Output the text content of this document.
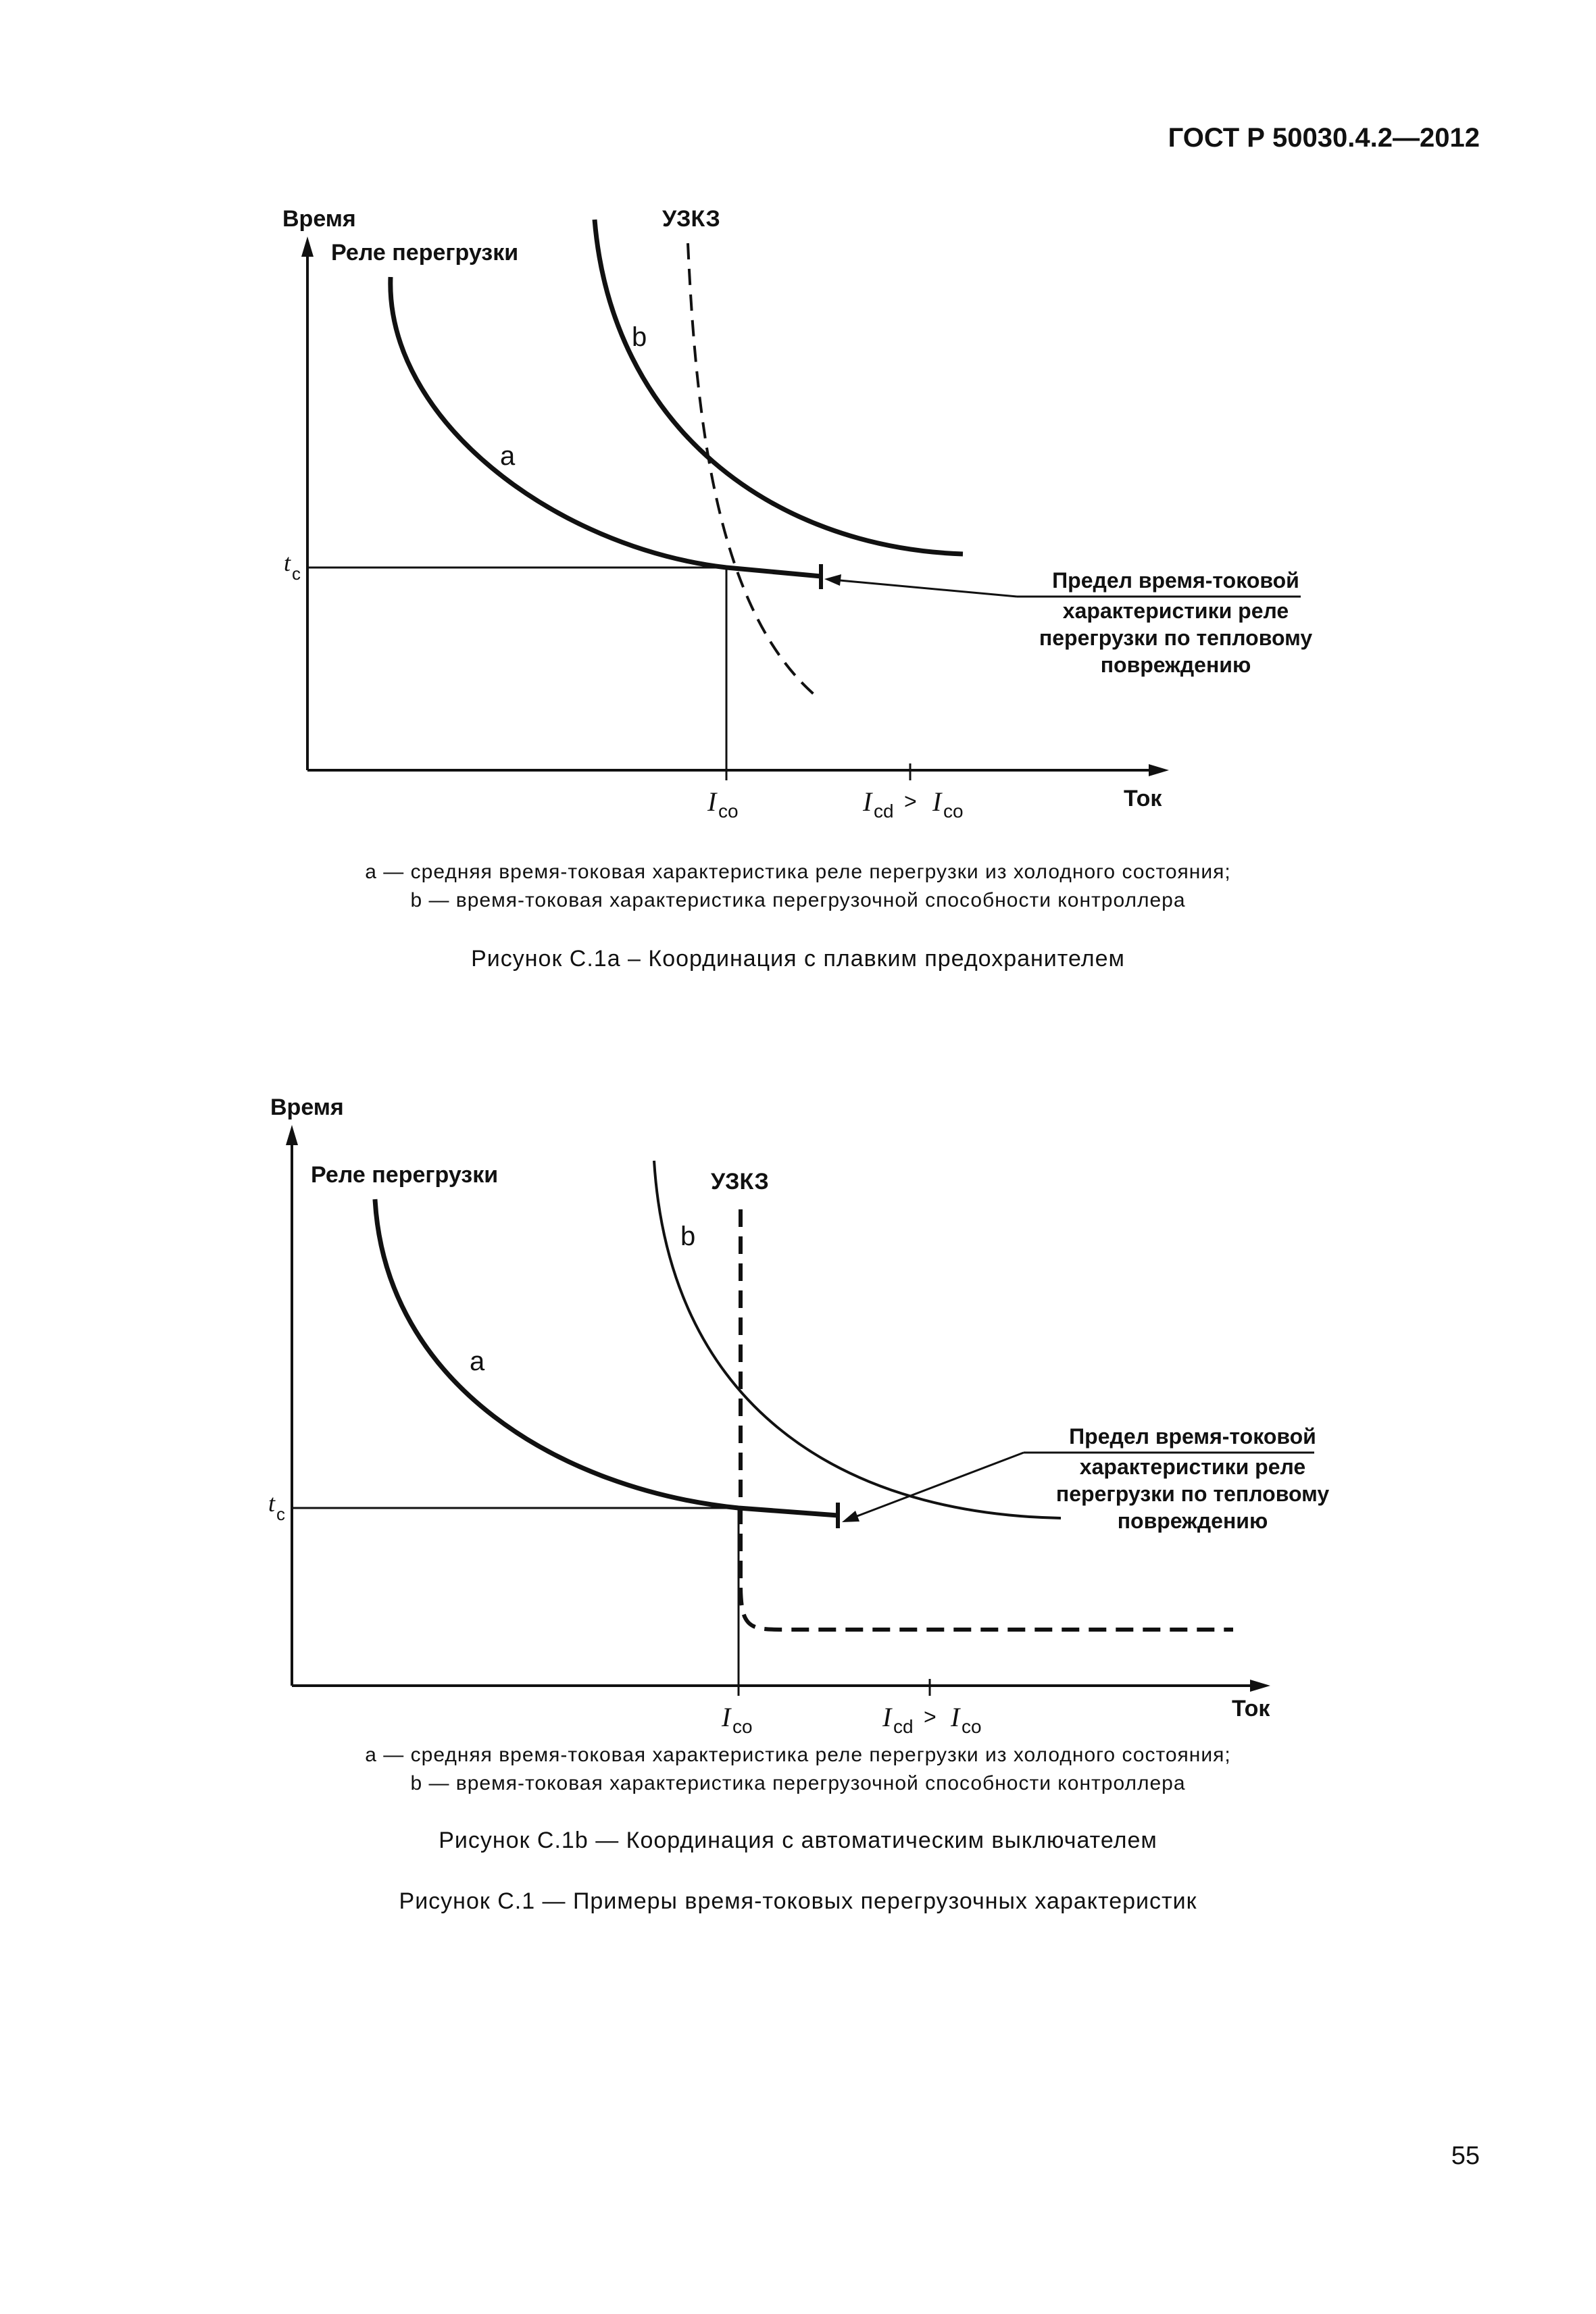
ГОСТ Р 50030.4.2—2012
Время
Реле перегрузки
УЗКЗ
b
a
t c
I co	I cd > I co	Ток
Предел время-токовой
характеристики реле
перегрузки по тепловому
повреждению
а — средняя время-токовая характеристика реле перегрузки из холодного состояния;
b — время-токовая характеристика перегрузочной способности контроллера
Рисунок С.1а – Координация с плавким предохранителем
Время
Реле перегрузки	УЗКЗ
b
a
t c
I co	I cd > I co
Ток
Предел время-токовой
характеристики реле
перегрузки по тепловому
повреждению
а — средняя время-токовая характеристика реле перегрузки из холодного состояния;
b — время-токовая характеристика перегрузочной способности контроллера
Рисунок С.1b — Координация с автоматическим выключателем
Рисунок С.1 — Примеры время-токовых перегрузочных характеристик
55
